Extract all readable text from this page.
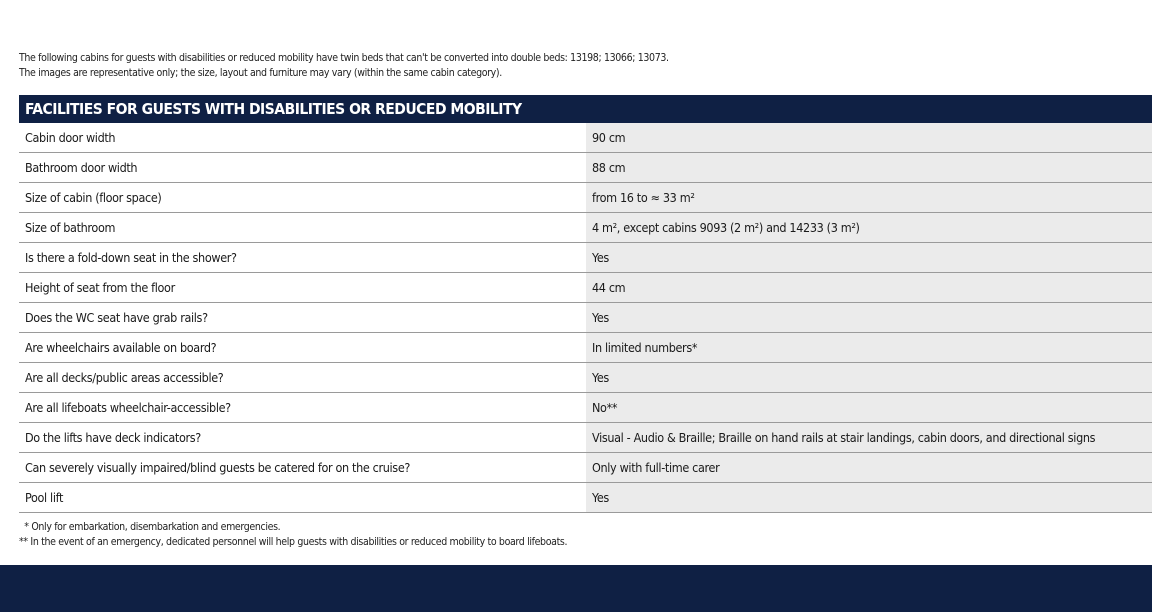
The following cabins for guests with disabilities or reduced mobility have twin beds that can't be converted into double beds: 13198; 13066; 13073.
The images are representative only; the size, layout and furniture may vary (within the same cabin category).
FACILITIES FOR GUESTS WITH DISABILITIES OR REDUCED MOBILITY
Cabin door width	90 cm
Bathroom door width	88 cm
Size of cabin (floor space)	from 16 to ≈ 33 m²
Size of bathroom	4 m², except cabins 9093 (2 m²) and 14233 (3 m²)
Is there a fold-down seat in the shower?	Yes
Height of seat from the floor	44 cm
Does the WC seat have grab rails?	Yes
Are wheelchairs available on board?	In limited numbers*
Are all decks/public areas accessible?	Yes
Are all lifeboats wheelchair-accessible?	No**
Do the lifts have deck indicators?	Visual - Audio & Braille; Braille on hand rails at stair landings, cabin doors, and directional signs
Can severely visually impaired/blind guests be catered for on the cruise?	Only with full-time carer
Pool lift	Yes
* Only for embarkation, disembarkation and emergencies.
** In the event of an emergency, dedicated personnel will help guests with disabilities or reduced mobility to board lifeboats.
